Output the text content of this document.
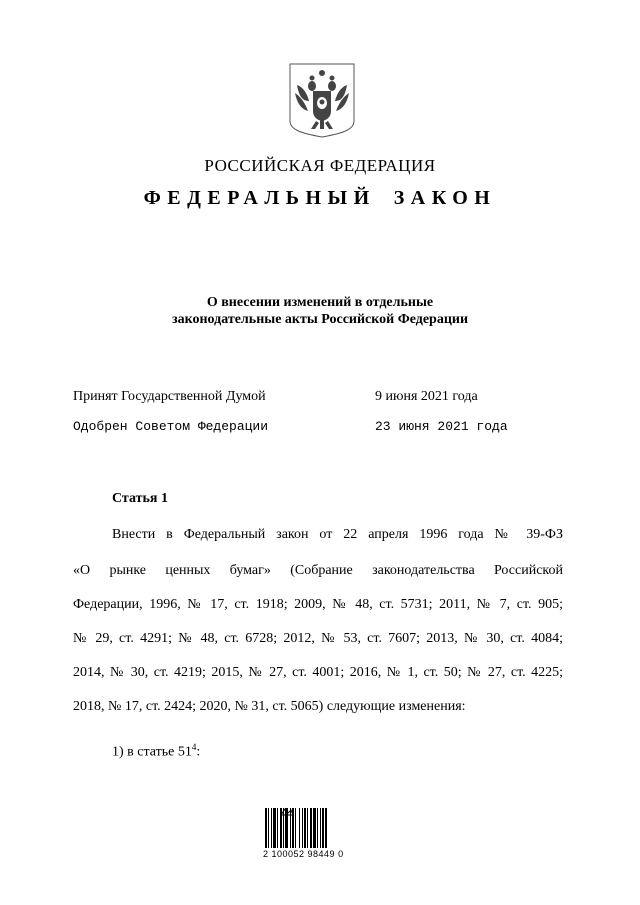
РОССИЙСКАЯ ФЕДЕРАЦИЯ
ФЕДЕРАЛЬНЫЙ ЗАКОН
О внесении изменений в отдельные
законодательные акты Российской Федерации
Принят Государственной Думой	9 июня 2021 года
Одобрен Советом Федерации	23 июня 2021 года
Статья 1
Внести в Федеральный закон от 22 апреля 1996 года № 39-ФЗ
«О рынке ценных бумаг» (Собрание законодательства Российской
Федерации, 1996, № 17, ст. 1918; 2009, № 48, ст. 5731; 2011, № 7, ст. 905;
№ 29, ст. 4291; № 48, ст. 6728; 2012, № 53, ст. 7607; 2013, № 30, ст. 4084;
2014, № 30, ст. 4219; 2015, № 27, ст. 4001; 2016, № 1, ст. 50; № 27, ст. 4225;
2018, № 17, ст. 2424; 2020, № 31, ст. 5065) следующие изменения:
1) в статье $51^4$:
2 100052 98449 0
